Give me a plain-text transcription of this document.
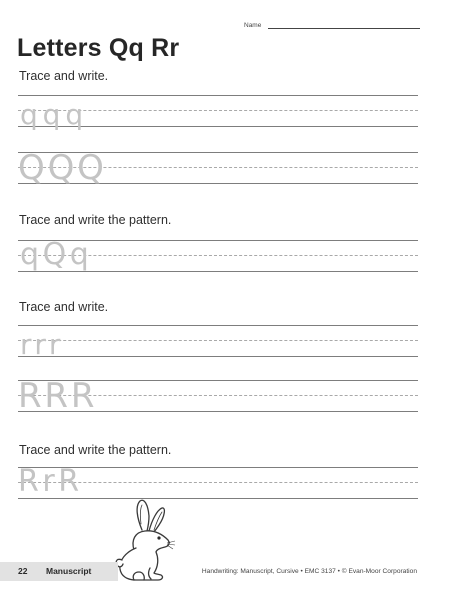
Name
Letters Qq Rr
Trace and write.
q q q
Q Q Q
Trace and write the pattern.
q Q q
Trace and write.
r r r
R R R
Trace and write the pattern.
R r R
22 Manuscript	Handwriting: Manuscript, Cursive • EMC 3137 • © Evan-Moor Corporation
